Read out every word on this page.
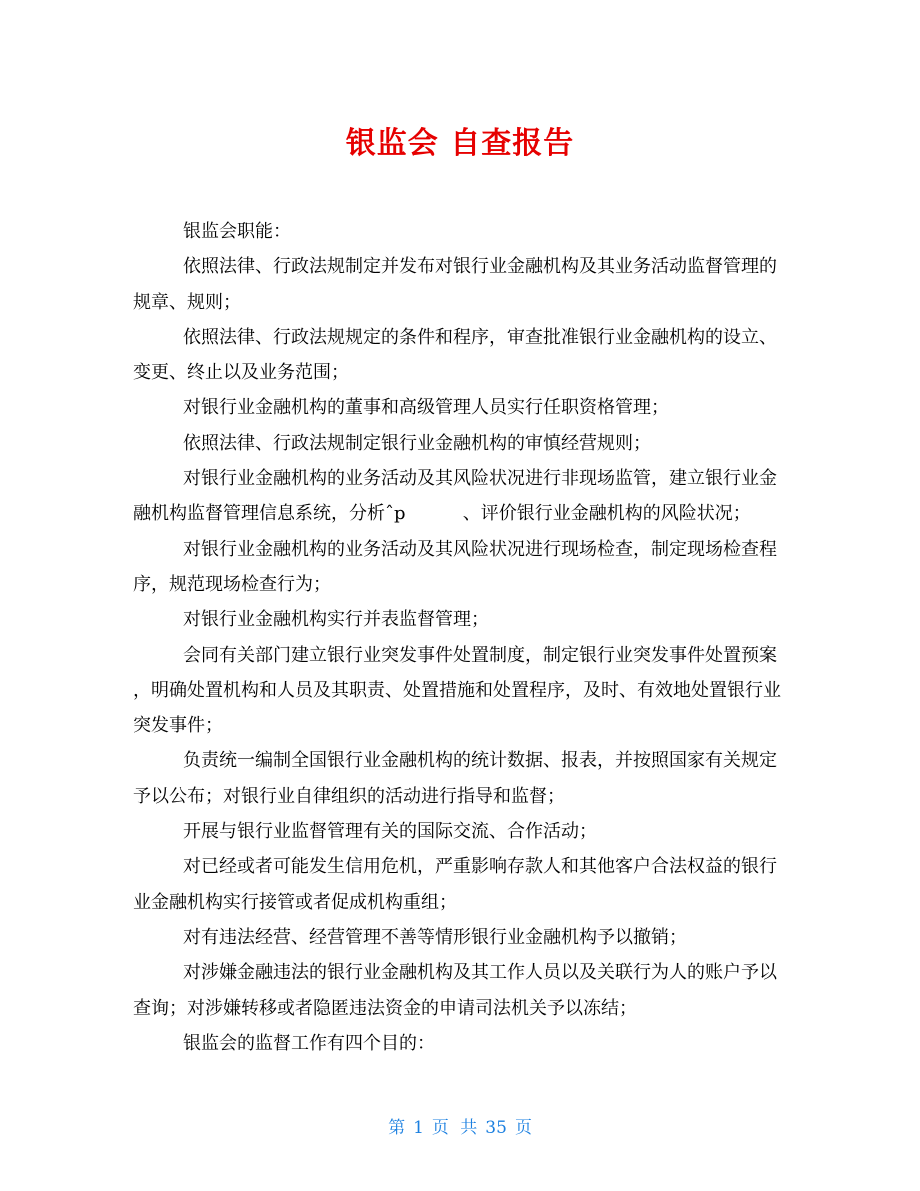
银监会 自查报告
银监会职能：
依照法律、行政法规制定并发布对银行业金融机构及其业务活动监督管理的
规章、规则；
依照法律、行政法规规定的条件和程序，审查批准银行业金融机构的设立、
变更、终止以及业务范围；
对银行业金融机构的董事和高级管理人员实行任职资格管理；
依照法律、行政法规制定银行业金融机构的审慎经营规则；
对银行业金融机构的业务活动及其风险状况进行非现场监管，建立银行业金
融机构监督管理信息系统，分析ˆp          、评价银行业金融机构的风险状况；
对银行业金融机构的业务活动及其风险状况进行现场检查，制定现场检查程
序，规范现场检查行为；
对银行业金融机构实行并表监督管理；
会同有关部门建立银行业突发事件处置制度，制定银行业突发事件处置预案
，明确处置机构和人员及其职责、处置措施和处置程序，及时、有效地处置银行业
突发事件；
负责统一编制全国银行业金融机构的统计数据、报表，并按照国家有关规定
予以公布；对银行业自律组织的活动进行指导和监督；
开展与银行业监督管理有关的国际交流、合作活动；
对已经或者可能发生信用危机，严重影响存款人和其他客户合法权益的银行
业金融机构实行接管或者促成机构重组；
对有违法经营、经营管理不善等情形银行业金融机构予以撤销；
对涉嫌金融违法的银行业金融机构及其工作人员以及关联行为人的账户予以
查询；对涉嫌转移或者隐匿违法资金的申请司法机关予以冻结；
银监会的监督工作有四个目的：
第 1 页 共 35 页
